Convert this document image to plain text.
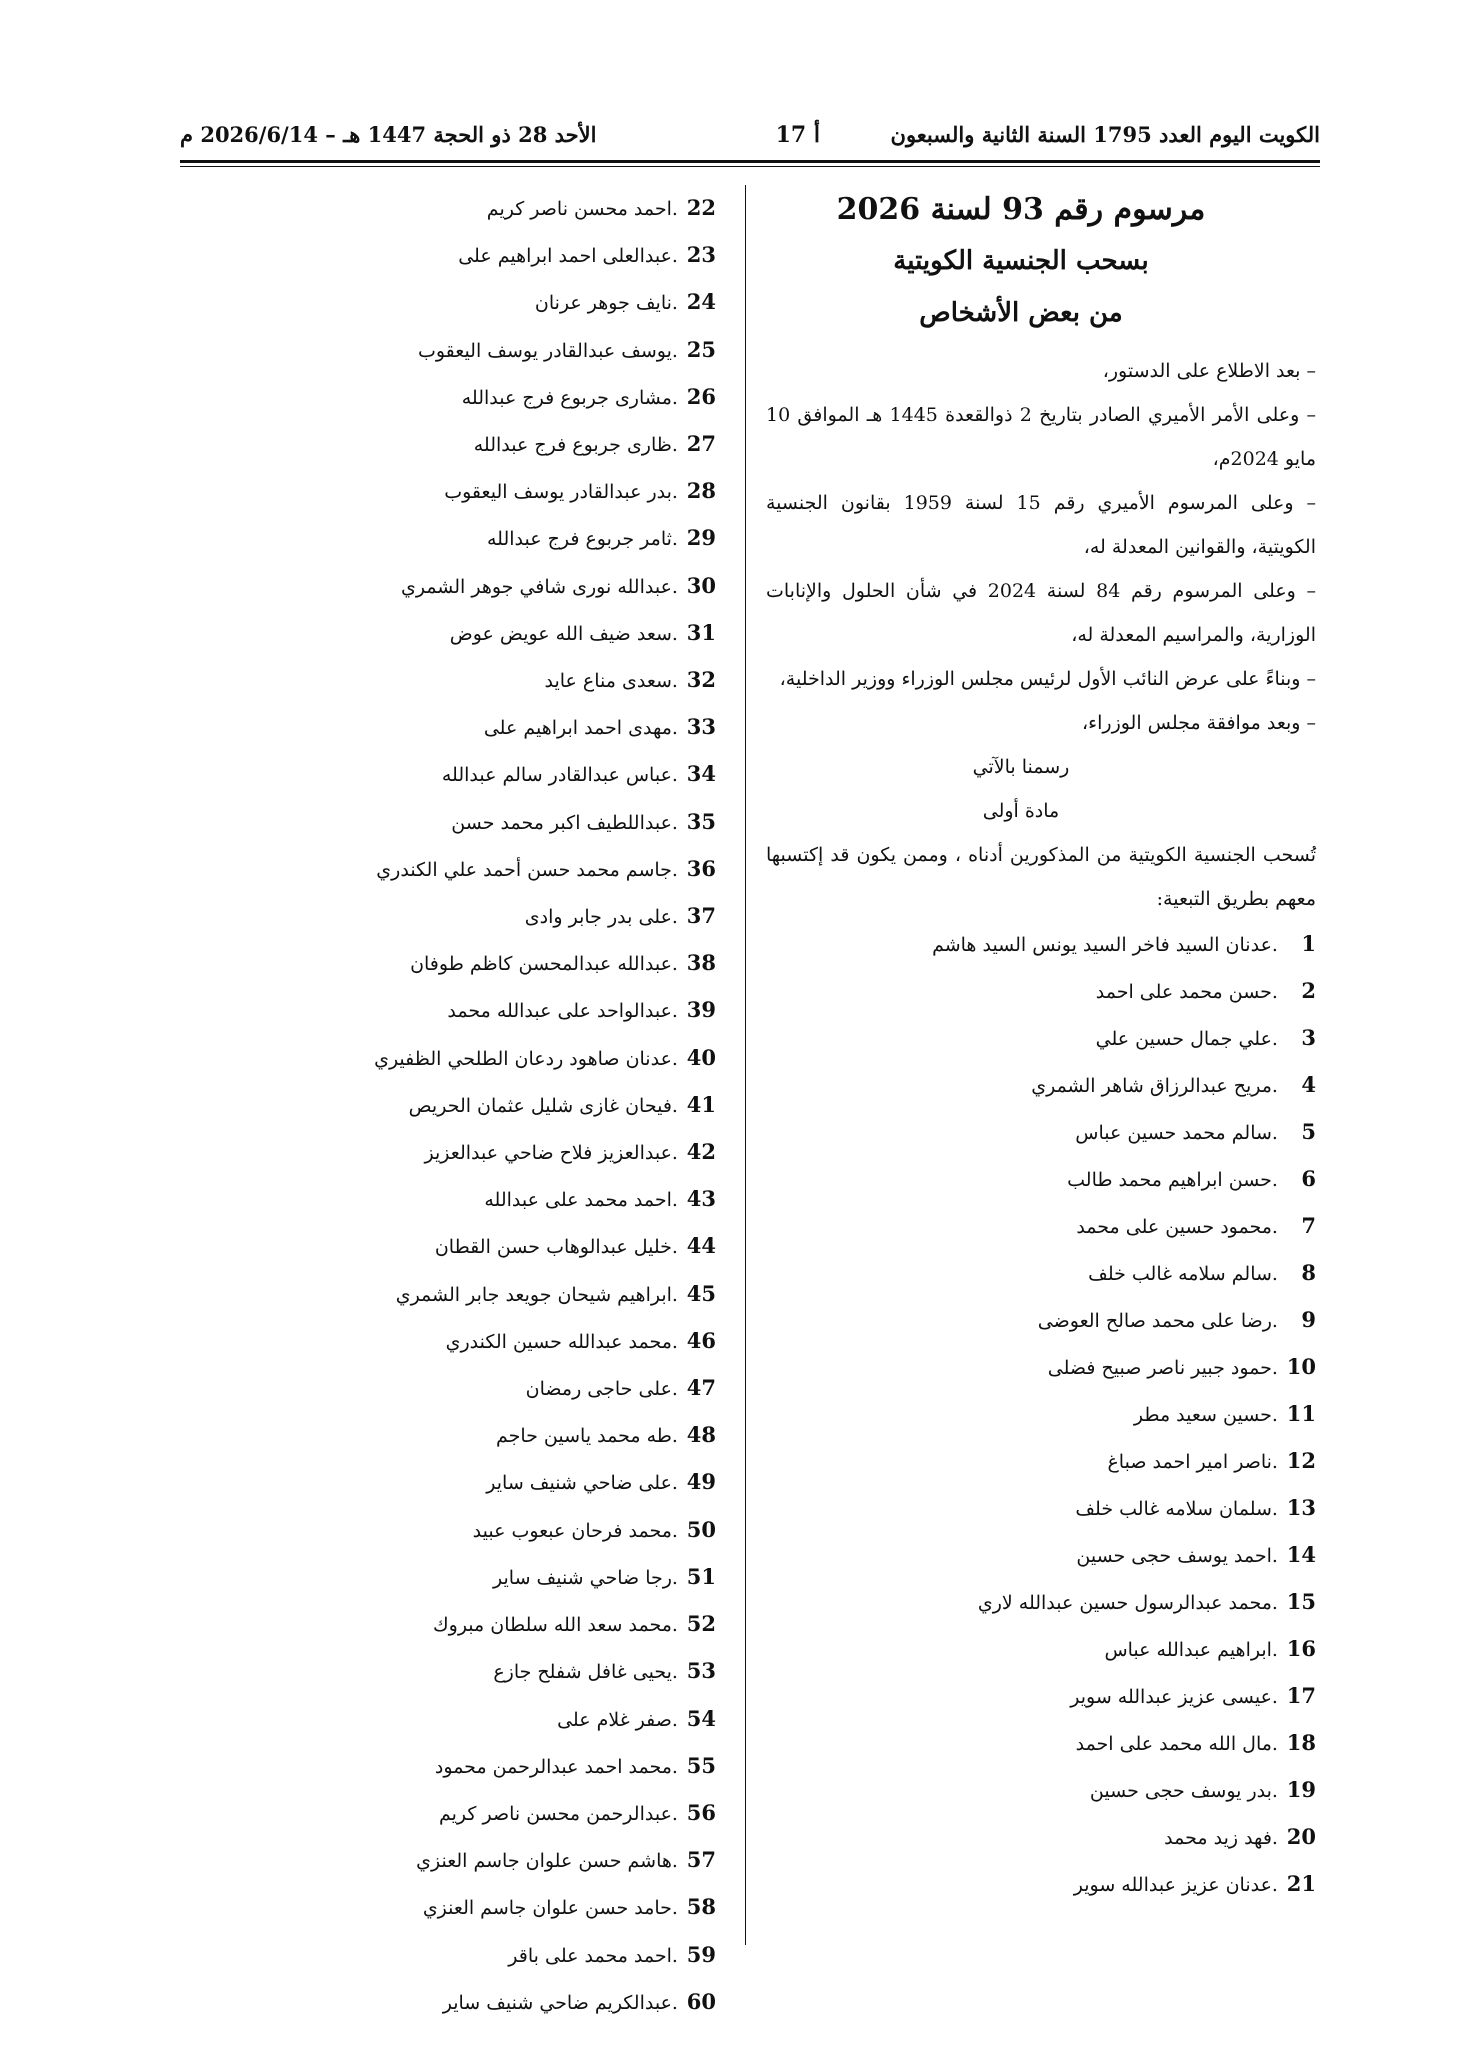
الكويت اليوم العدد 1795 السنة الثانية والسبعون
أ 17
الأحد 28 ذو الحجة 1447 هـ – 2026/6/14 م
مرسوم رقم 93 لسنة 2026
بسحب الجنسية الكويتية
من بعض الأشخاص
– بعد الاطلاع على الدستور،
– وعلى الأمر الأميري الصادر بتاريخ 2 ذوالقعدة 1445 هـ الموافق 10 مايو 2024م،
– وعلى المرسوم الأميري رقم 15 لسنة 1959 بقانون الجنسية الكويتية، والقوانين المعدلة له،
– وعلى المرسوم رقم 84 لسنة 2024 في شأن الحلول والإنابات الوزارية، والمراسيم المعدلة له،
– وبناءً على عرض النائب الأول لرئيس مجلس الوزراء ووزير الداخلية،
– وبعد موافقة مجلس الوزراء،
رسمنا بالآتي
مادة أولى
تُسحب الجنسية الكويتية من المذكورين أدناه ، وممن يكون قد إكتسبها معهم بطريق التبعية:
1 .عدنان السيد فاخر السيد يونس السيد هاشم
2 .حسن محمد على احمد
3 .علي جمال حسين علي
4 .مريح عبدالرزاق شاهر الشمري
5 .سالم محمد حسين عباس
6 .حسن ابراهيم محمد طالب
7 .محمود حسين على محمد
8 .سالم سلامه غالب خلف
9 .رضا على محمد صالح العوضى
10 .حمود جبير ناصر صبيح فضلى
11 .حسين سعيد مطر
12 .ناصر امير احمد صباغ
13 .سلمان سلامه غالب خلف
14 .احمد يوسف حجى حسين
15 .محمد عبدالرسول حسين عبدالله لاري
16 .ابراهيم عبدالله عباس
17 .عيسى عزيز عبدالله سوير
18 .مال الله محمد على احمد
19 .بدر يوسف حجى حسين
20 .فهد زيد محمد
21 .عدنان عزيز عبدالله سوير
22 .احمد محسن ناصر كريم
23 .عبدالعلى احمد ابراهيم على
24 .نايف جوهر عرنان
25 .يوسف عبدالقادر يوسف اليعقوب
26 .مشارى جربوع فرج عبدالله
27 .ظارى جربوع فرج عبدالله
28 .بدر عبدالقادر يوسف اليعقوب
29 .ثامر جربوع فرج عبدالله
30 .عبدالله نورى شافي جوهر الشمري
31 .سعد ضيف الله عويض عوض
32 .سعدى مناع عايد
33 .مهدى احمد ابراهيم على
34 .عباس عبدالقادر سالم عبدالله
35 .عبداللطيف اكبر محمد حسن
36 .جاسم محمد حسن أحمد علي الكندري
37 .على بدر جابر وادى
38 .عبدالله عبدالمحسن كاظم طوفان
39 .عبدالواحد على عبدالله محمد
40 .عدنان صاهود ردعان الطلحي الظفيري
41 .فيحان غازى شليل عثمان الحريص
42 .عبدالعزيز فلاح ضاحي عبدالعزيز
43 .احمد محمد على عبدالله
44 .خليل عبدالوهاب حسن القطان
45 .ابراهيم شيحان جويعد جابر الشمري
46 .محمد عبدالله حسين الكندري
47 .على حاجى رمضان
48 .طه محمد ياسين حاجم
49 .على ضاحي شنيف ساير
50 .محمد فرحان عبعوب عبيد
51 .رجا ضاحي شنيف ساير
52 .محمد سعد الله سلطان مبروك
53 .يحيى غافل شفلح جازع
54 .صفر غلام على
55 .محمد احمد عبدالرحمن محمود
56 .عبدالرحمن محسن ناصر كريم
57 .هاشم حسن علوان جاسم العنزي
58 .حامد حسن علوان جاسم العنزي
59 .احمد محمد على باقر
60 .عبدالكريم ضاحي شنيف ساير
